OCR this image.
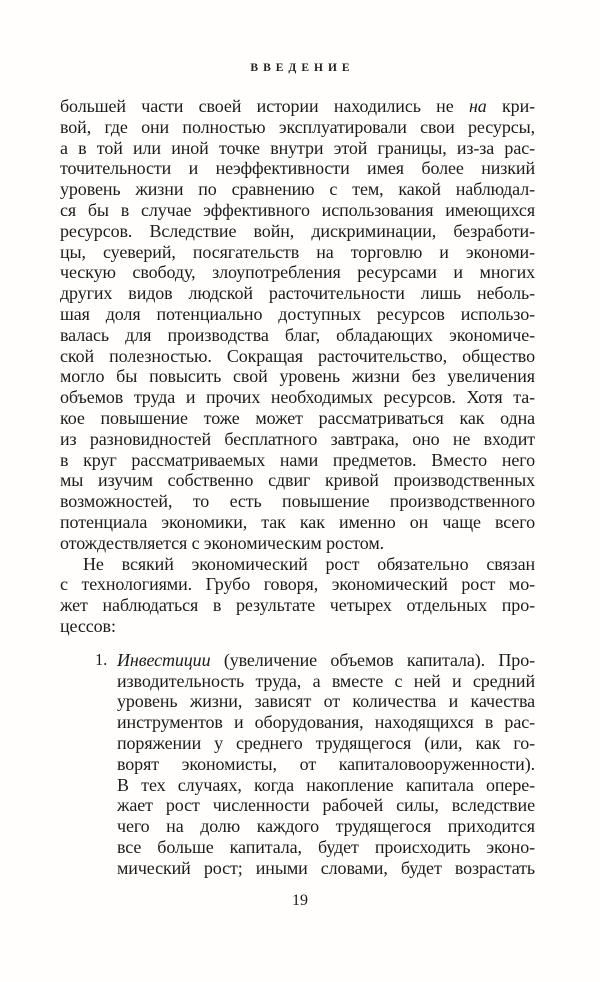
ВВЕДЕНИЕ
большей части своей истории находились не на кри-
вой, где они полностью эксплуатировали свои ресурсы,
а в той или иной точке внутри этой границы, из-за рас-
точительности и неэффективности имея более низкий
уровень жизни по сравнению с тем, какой наблюдал-
ся бы в случае эффективного использования имеющихся
ресурсов. Вследствие войн, дискриминации, безработи-
цы, суеверий, посягательств на торговлю и экономи-
ческую свободу, злоупотребления ресурсами и многих
других видов людской расточительности лишь неболь-
шая доля потенциально доступных ресурсов использо-
валась для производства благ, обладающих экономиче-
ской полезностью. Сокращая расточительство, общество
могло бы повысить свой уровень жизни без увеличения
объемов труда и прочих необходимых ресурсов. Хотя та-
кое повышение тоже может рассматриваться как одна
из разновидностей бесплатного завтрака, оно не входит
в круг рассматриваемых нами предметов. Вместо него
мы изучим собственно сдвиг кривой производственных
возможностей, то есть повышение производственного
потенциала экономики, так как именно он чаще всего
отождествляется с экономическим ростом.
Не всякий экономический рост обязательно связан
с технологиями. Грубо говоря, экономический рост мо-
жет наблюдаться в результате четырех отдельных про-
цессов:
1. Инвестиции (увеличение объемов капитала). Про-
изводительность труда, а вместе с ней и средний
уровень жизни, зависят от количества и качества
инструментов и оборудования, находящихся в рас-
поряжении у среднего трудящегося (или, как го-
ворят экономисты, от капиталовооруженности).
В тех случаях, когда накопление капитала опере-
жает рост численности рабочей силы, вследствие
чего на долю каждого трудящегося приходится
все больше капитала, будет происходить эконо-
мический рост; иными словами, будет возрастать
19
